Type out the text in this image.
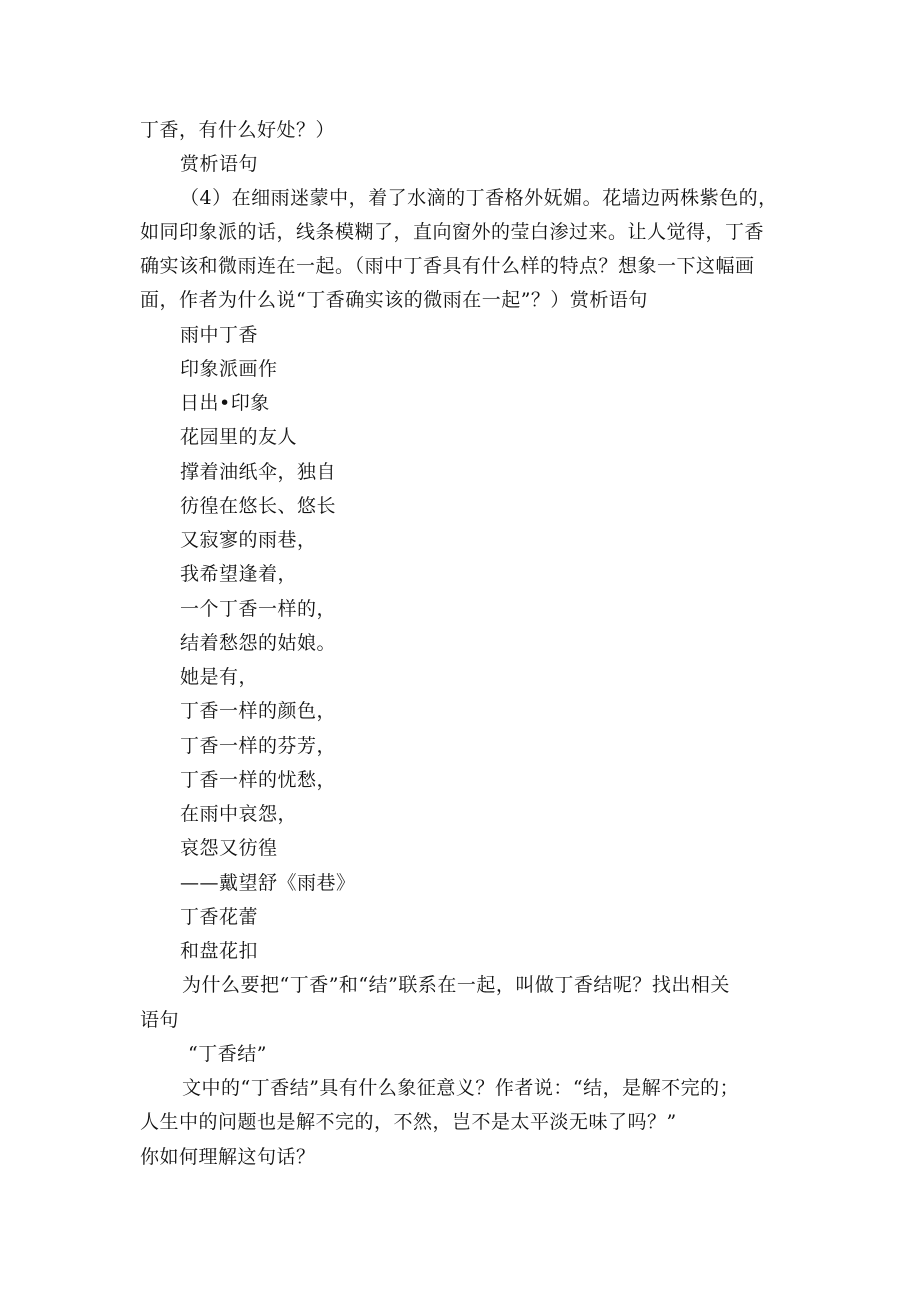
丁香，有什么好处？）
赏析语句
（4）在细雨迷蒙中，着了水滴的丁香格外妩媚。花墙边两株紫色的，
如同印象派的话，线条模糊了，直向窗外的莹白渗过来。让人觉得，丁香
确实该和微雨连在一起。（雨中丁香具有什么样的特点？想象一下这幅画
面，作者为什么说“丁香确实该的微雨在一起”？）赏析语句
雨中丁香
印象派画作
日出•印象
花园里的友人
撑着油纸伞，独自
彷徨在悠长、悠长
又寂寥的雨巷，
我希望逢着，
一个丁香一样的，
结着愁怨的姑娘。
她是有，
丁香一样的颜色，
丁香一样的芬芳，
丁香一样的忧愁，
在雨中哀怨，
哀怨又彷徨
——戴望舒《雨巷》
丁香花蕾
和盘花扣
为什么要把“丁香”和“结”联系在一起，叫做丁香结呢？找出相关
语句
“丁香结”
文中的“丁香结”具有什么象征意义？作者说：“结，是解不完的；
人生中的问题也是解不完的，不然，岂不是太平淡无味了吗？”
你如何理解这句话？
